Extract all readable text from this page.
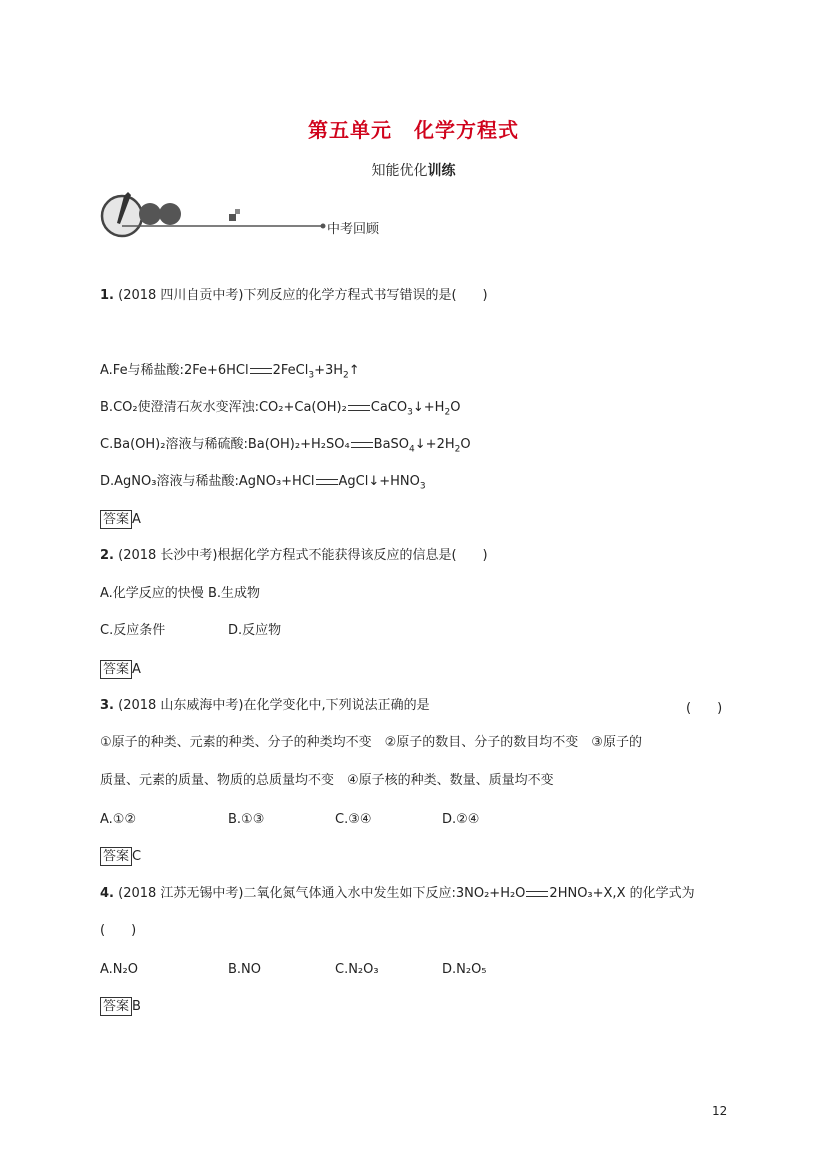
第五单元 化学方程式
知能优化训练
中考回顾
1. (2018 四川自贡中考)下列反应的化学方程式书写错误的是(　　)
A.Fe与稀盐酸:2Fe+6HCl $2FeCl_3+3H_2↑$
B.CO₂使澄清石灰水变浑浊:CO₂+Ca(OH)₂ $CaCO_3↓+H_2O$
C.Ba(OH)₂溶液与稀硫酸:Ba(OH)₂+H₂SO₄ $BaSO_4↓+2H_2O$
D.AgNO₃溶液与稀盐酸:AgNO₃+HCl $AgCl↓+HNO_3$
答案 A
2. (2018 长沙中考)根据化学方程式不能获得该反应的信息是(　　)
A.化学反应的快慢 B.生成物
C.反应条件	D.反应物
答案 A
3. (2018 山东威海中考)在化学变化中,下列说法正确的是	(　　)
①原子的种类、元素的种类、分子的种类均不变　②原子的数目、分子的数目均不变　③原子的
质量、元素的质量、物质的总质量均不变　④原子核的种类、数量、质量均不变
A.①②	B.①③	C.③④	D.②④
答案 C
4. (2018 江苏无锡中考)二氧化氮气体通入水中发生如下反应:3NO₂+H₂O 2HNO₃+X,X 的化学式为
(　　)
A.N₂O	B.NO	C.N₂O₃	D.N₂O₅
答案 B
12
